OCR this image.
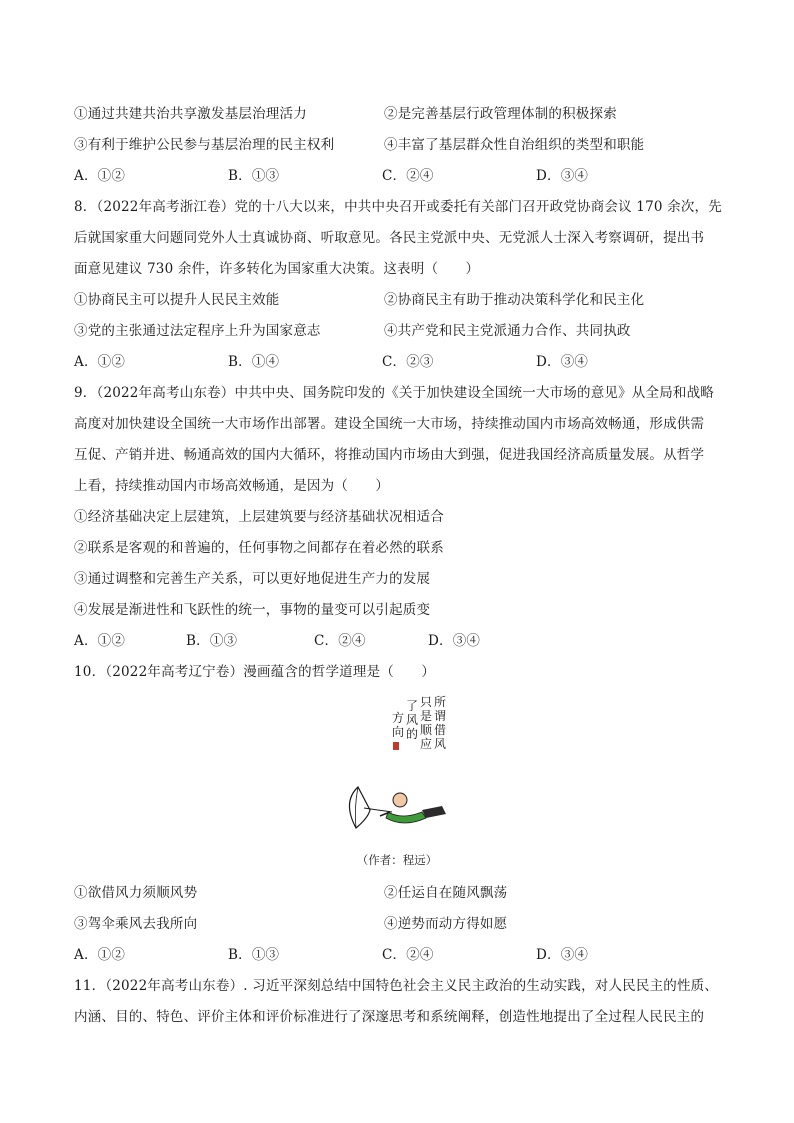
①通过共建共治共享激发基层治理活力	②是完善基层行政管理体制的积极探索
③有利于维护公民参与基层治理的民主权利	④丰富了基层群众性自治组织的类型和职能
A．①②	B．①③	C．②④	D．③④
8．（2022年高考浙江卷）党的十八大以来，中共中央召开或委托有关部门召开政党协商会议 170 余次，先
后就国家重大问题同党外人士真诚协商、听取意见。各民主党派中央、无党派人士深入考察调研，提出书
面意见建议 730 余件，许多转化为国家重大决策。这表明（　　）
①协商民主可以提升人民民主效能	②协商民主有助于推动决策科学化和民主化
③党的主张通过法定程序上升为国家意志	④共产党和民主党派通力合作、共同执政
A．①②	B．①④	C．②③	D．③④
9．（2022年高考山东卷）中共中央、国务院印发的《关于加快建设全国统一大市场的意见》从全局和战略
高度对加快建设全国统一大市场作出部署。建设全国统一大市场，持续推动国内市场高效畅通，形成供需
互促、产销并进、畅通高效的国内大循环，将推动国内市场由大到强，促进我国经济高质量发展。从哲学
上看，持续推动国内市场高效畅通，是因为（　　）
①经济基础决定上层建筑，上层建筑要与经济基础状况相适合
②联系是客观的和普遍的，任何事物之间都存在着必然的联系
③通过调整和完善生产关系，可以更好地促进生产力的发展
④发展是渐进性和飞跃性的统一，事物的量变可以引起质变
A．①②	B．①③	C．②④	D．③④
10．（2022年高考辽宁卷）漫画蕴含的哲学道理是（　　）
所
谓
借
风
只
是
顺
应
了
风
的
方
向
（作者：程远）
①欲借风力须顺风势	②任运自在随风飘荡
③驾伞乘风去我所向	④逆势而动方得如愿
A．①②	B．①③	C．②④	D．③④
11．（2022年高考山东卷）. 习近平深刻总结中国特色社会主义民主政治的生动实践，对人民民主的性质、
内涵、目的、特色、评价主体和评价标准进行了深邃思考和系统阐释，创造性地提出了全过程人民民主的
